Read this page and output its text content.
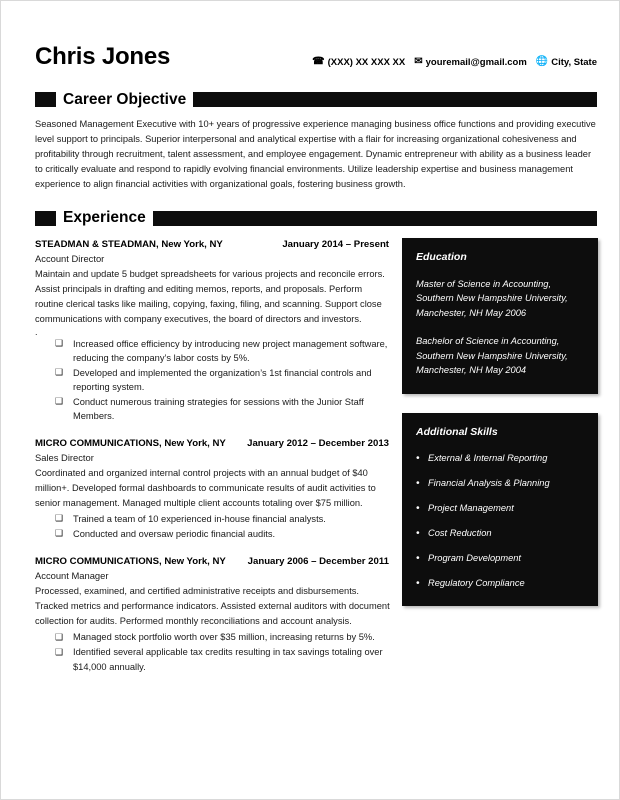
Chris Jones	☎ (XXX) XX XXX XX ✉ youremail@gmail.com 🌐 City, State
Career Objective
Seasoned Management Executive with 10+ years of progressive experience managing business office functions and providing executive level support to principals. Superior interpersonal and analytical expertise with a flair for increasing organizational cohesiveness and profitability through recruitment, talent assessment, and employee engagement. Dynamic entrepreneur with ability as a business leader to critically evaluate and respond to rapidly evolving financial environments. Utilize leadership expertise and business management experience to align financial activities with organizational goals, fostering business growth.
Experience
STEADMAN & STEADMAN, New York, NY	January 2014 – Present
Account Director
Maintain and update 5 budget spreadsheets for various projects and reconcile errors. Assist principals in drafting and editing memos, reports, and proposals. Perform routine clerical tasks like mailing, copying, faxing, filing, and scanning. Support close communications with company executives, the board of directors and investors.
.
❑ Increased office efficiency by introducing new project management software, reducing the company’s labor costs by 5%.
❑ Developed and implemented the organization’s 1st financial controls and reporting system.
❑ Conduct numerous training strategies for sessions with the Junior Staff Members.
MICRO COMMUNICATIONS, New York, NY January 2012 – December 2013
Sales Director
Coordinated and organized internal control projects with an annual budget of $40 million+. Developed formal dashboards to communicate results of audit activities to senior management. Managed multiple client accounts totaling over $75 million.
❑ Trained a team of 10 experienced in-house financial analysts.
❑ Conducted and oversaw periodic financial audits.
MICRO COMMUNICATIONS, New York, NY January 2006 – December 2011
Account Manager
Processed, examined, and certified administrative receipts and disbursements. Tracked metrics and performance indicators. Assisted external auditors with document collection for audits. Performed monthly reconciliations and account analysis.
❑ Managed stock portfolio worth over $35 million, increasing returns by 5%.
❑ Identified several applicable tax credits resulting in tax savings totaling over $14,000 annually.
Education
Master of Science in Accounting, Southern New Hampshire University, Manchester, NH May 2006
Bachelor of Science in Accounting, Southern New Hampshire University, Manchester, NH May 2004
Additional Skills
• External & Internal Reporting
• Financial Analysis & Planning
• Project Management
• Cost Reduction
• Program Development
• Regulatory Compliance
